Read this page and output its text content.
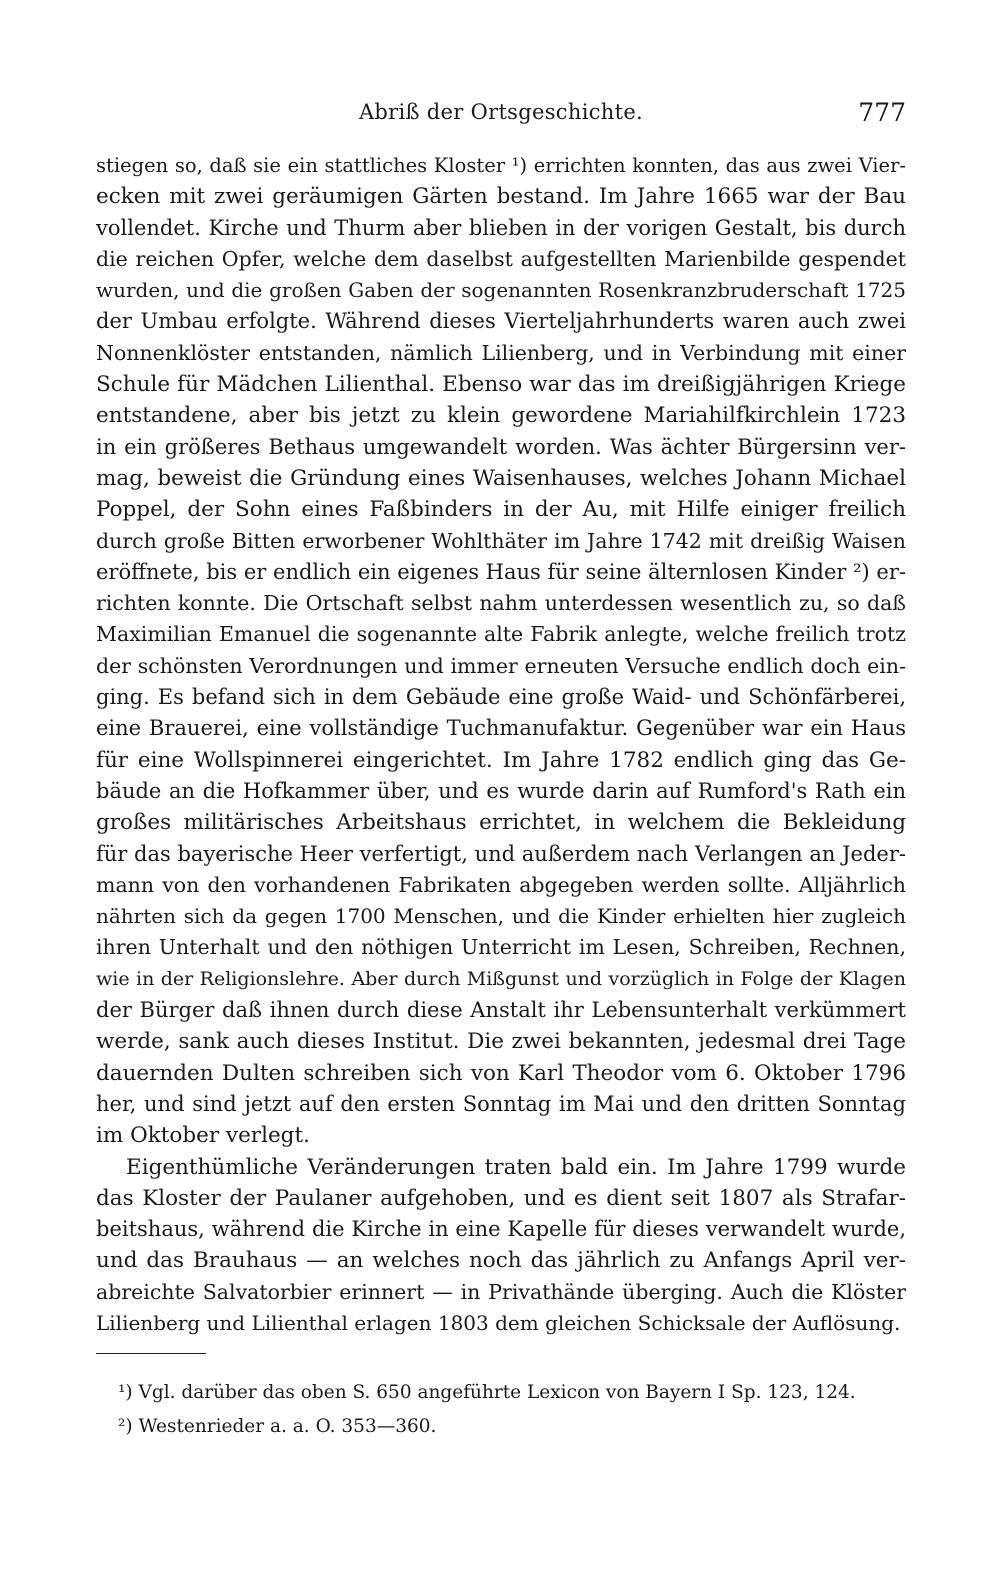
Abriß der Ortsgeschichte.	777
stiegen so, daß sie ein stattliches Kloster ¹) errichten konnten, das aus zwei Vier-
ecken mit zwei geräumigen Gärten bestand. Im Jahre 1665 war der Bau
vollendet. Kirche und Thurm aber blieben in der vorigen Gestalt, bis durch
die reichen Opfer, welche dem daselbst aufgestellten Marienbilde gespendet
wurden, und die großen Gaben der sogenannten Rosenkranzbruderschaft 1725
der Umbau erfolgte. Während dieses Vierteljahrhunderts waren auch zwei
Nonnenklöster entstanden, nämlich Lilienberg, und in Verbindung mit einer
Schule für Mädchen Lilienthal. Ebenso war das im dreißigjährigen Kriege
entstandene, aber bis jetzt zu klein gewordene Mariahilfkirchlein 1723
in ein größeres Bethaus umgewandelt worden. Was ächter Bürgersinn ver-
mag, beweist die Gründung eines Waisenhauses, welches Johann Michael
Poppel, der Sohn eines Faßbinders in der Au, mit Hilfe einiger freilich
durch große Bitten erworbener Wohlthäter im Jahre 1742 mit dreißig Waisen
eröffnete, bis er endlich ein eigenes Haus für seine älternlosen Kinder ²) er-
richten konnte. Die Ortschaft selbst nahm unterdessen wesentlich zu, so daß
Maximilian Emanuel die sogenannte alte Fabrik anlegte, welche freilich trotz
der schönsten Verordnungen und immer erneuten Versuche endlich doch ein-
ging. Es befand sich in dem Gebäude eine große Waid- und Schönfärberei,
eine Brauerei, eine vollständige Tuchmanufaktur. Gegenüber war ein Haus
für eine Wollspinnerei eingerichtet. Im Jahre 1782 endlich ging das Ge-
bäude an die Hofkammer über, und es wurde darin auf Rumford's Rath ein
großes militärisches Arbeitshaus errichtet, in welchem die Bekleidung
für das bayerische Heer verfertigt, und außerdem nach Verlangen an Jeder-
mann von den vorhandenen Fabrikaten abgegeben werden sollte. Alljährlich
nährten sich da gegen 1700 Menschen, und die Kinder erhielten hier zugleich
ihren Unterhalt und den nöthigen Unterricht im Lesen, Schreiben, Rechnen,
wie in der Religionslehre. Aber durch Mißgunst und vorzüglich in Folge der Klagen
der Bürger daß ihnen durch diese Anstalt ihr Lebensunterhalt verkümmert
werde, sank auch dieses Institut. Die zwei bekannten, jedesmal drei Tage
dauernden Dulten schreiben sich von Karl Theodor vom 6. Oktober 1796
her, und sind jetzt auf den ersten Sonntag im Mai und den dritten Sonntag
im Oktober verlegt.
Eigenthümliche Veränderungen traten bald ein. Im Jahre 1799 wurde
das Kloster der Paulaner aufgehoben, und es dient seit 1807 als Strafar-
beitshaus, während die Kirche in eine Kapelle für dieses verwandelt wurde,
und das Brauhaus — an welches noch das jährlich zu Anfangs April ver-
abreichte Salvatorbier erinnert — in Privathände überging. Auch die Klöster
Lilienberg und Lilienthal erlagen 1803 dem gleichen Schicksale der Auflösung.
¹) Vgl. darüber das oben S. 650 angeführte Lexicon von Bayern I Sp. 123, 124.
²) Westenrieder a. a. O. 353—360.
